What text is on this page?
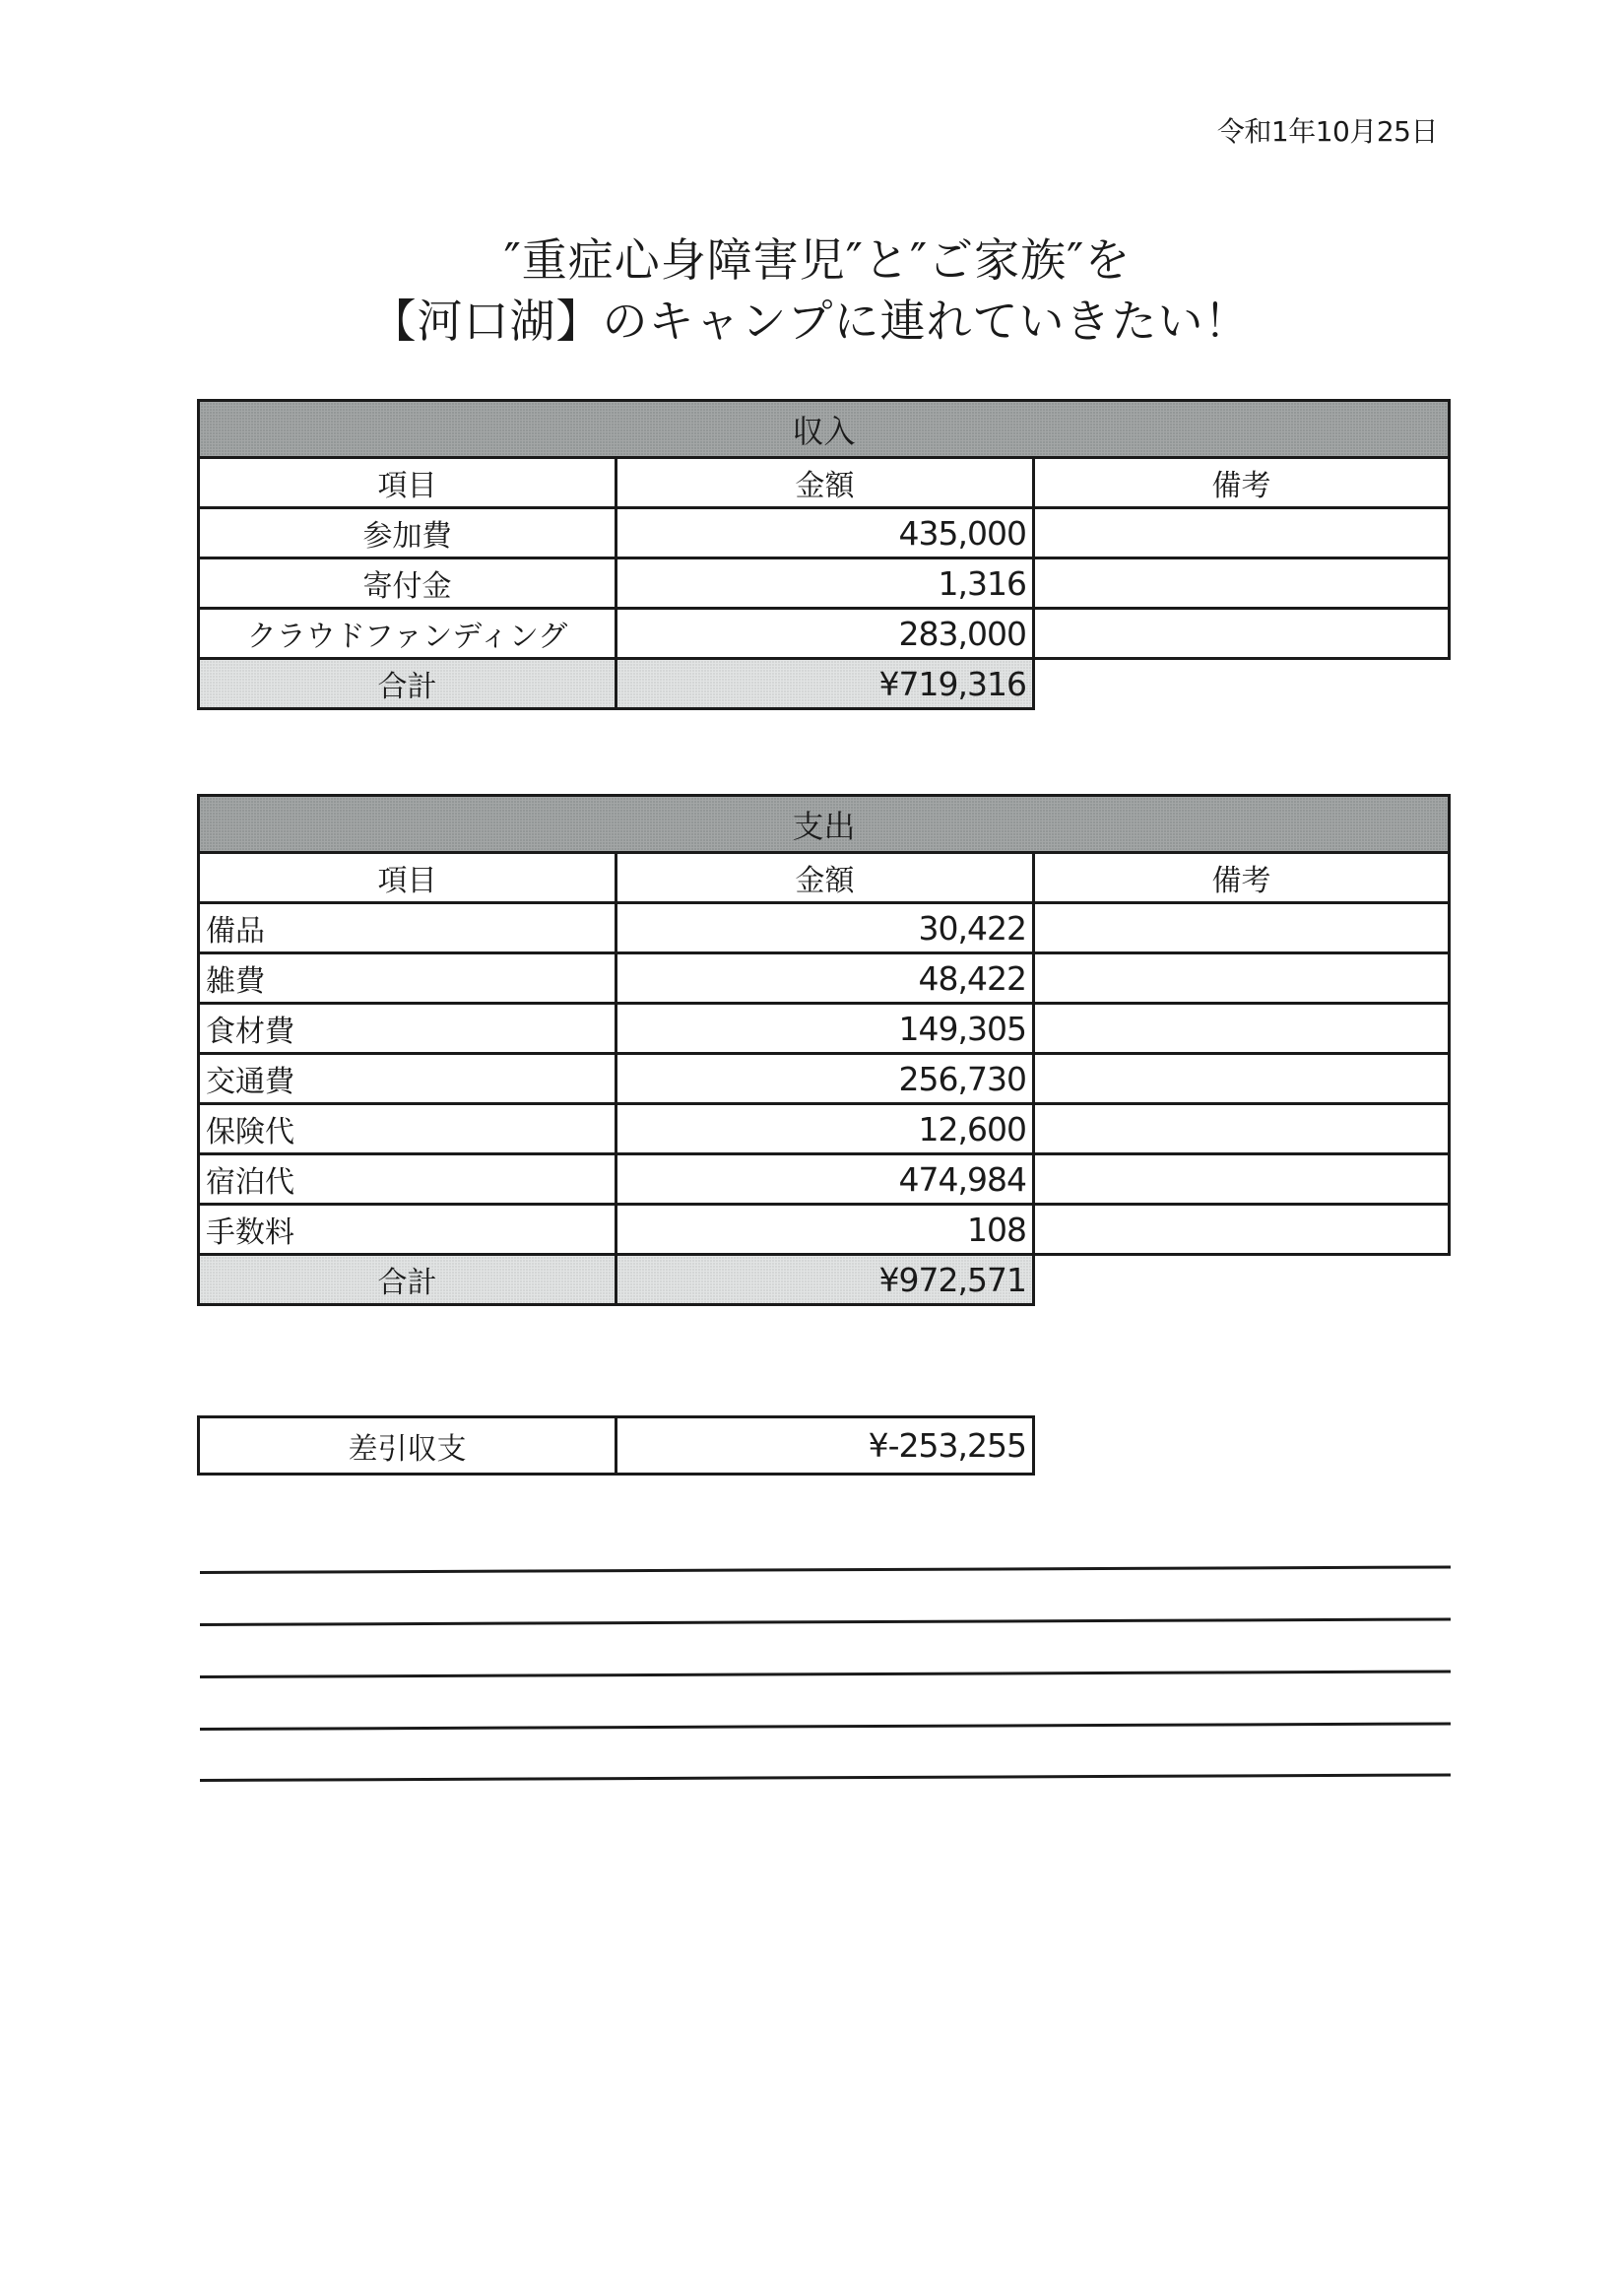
令和1年10月25日
″重症心身障害児″と″ご家族″を
【河口湖】のキャンプに連れていきたい！
収入		
項目	金額	備考
参加費	435,000	
寄付金	1,316	
クラウドファンディング	283,000	
合計	¥719,316	
支出		
項目	金額	備考
備品	30,422	
雑費	48,422	
食材費	149,305	
交通費	256,730	
保険代	12,600	
宿泊代	474,984	
手数料	108	
合計	¥972,571	
差引収支	¥-253,255
